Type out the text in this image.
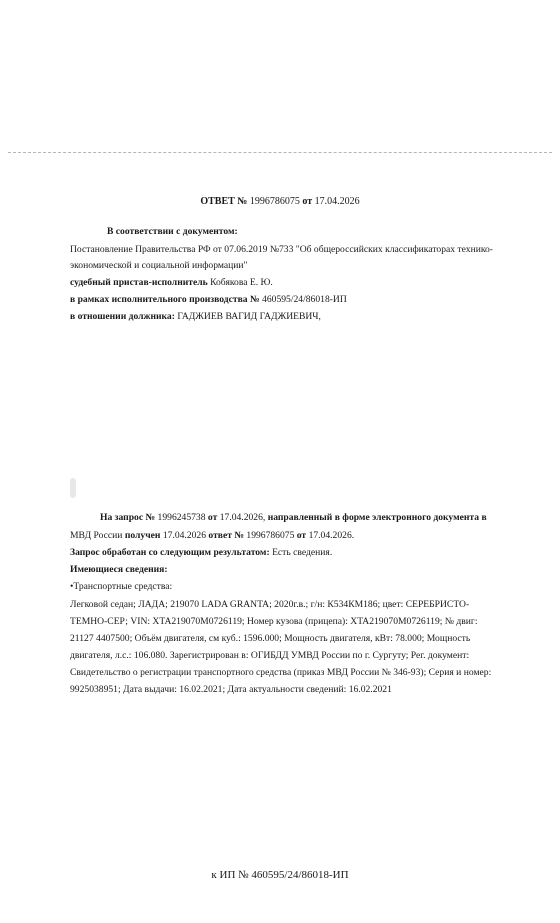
ОТВЕТ № 1996786075 от 17.04.2026
В соответствии с документом:
Постановление Правительства РФ от 07.06.2019 №733 "Об общероссийских классификаторах технико-
экономической и социальной информации"
судебный пристав-исполнитель Кобякова Е. Ю.
в рамках исполнительного производства № 460595/24/86018-ИП
в отношении должника: ГАДЖИЕВ ВАГИД ГАДЖИЕВИЧ,
На запрос № 1996245738 от 17.04.2026, направленный в форме электронного документа в
МВД России получен 17.04.2026 ответ № 1996786075 от 17.04.2026.
Запрос обработан со следующим результатом: Есть сведения.
Имеющиеся сведения:
•Транспортные средства:
Легковой седан; ЛАДА; 219070 LADA GRANTA; 2020г.в.; г/н: К534КМ186; цвет: СЕРЕБРИСТО-
ТЕМНО-СЕР; VIN: XTA219070M0726119; Номер кузова (прицепа): XTA219070M0726119; № двиг:
21127 4407500; Объём двигателя, см куб.: 1596.000; Мощность двигателя, кВт: 78.000; Мощность
двигателя, л.с.: 106.080. Зарегистрирован в: ОГИБДД УМВД России по г. Сургуту; Рег. документ:
Свидетельство о регистрации транспортного средства (приказ МВД России № 346-93); Серия и номер:
9925038951; Дата выдачи: 16.02.2021; Дата актуальности сведений: 16.02.2021
к ИП № 460595/24/86018-ИП
